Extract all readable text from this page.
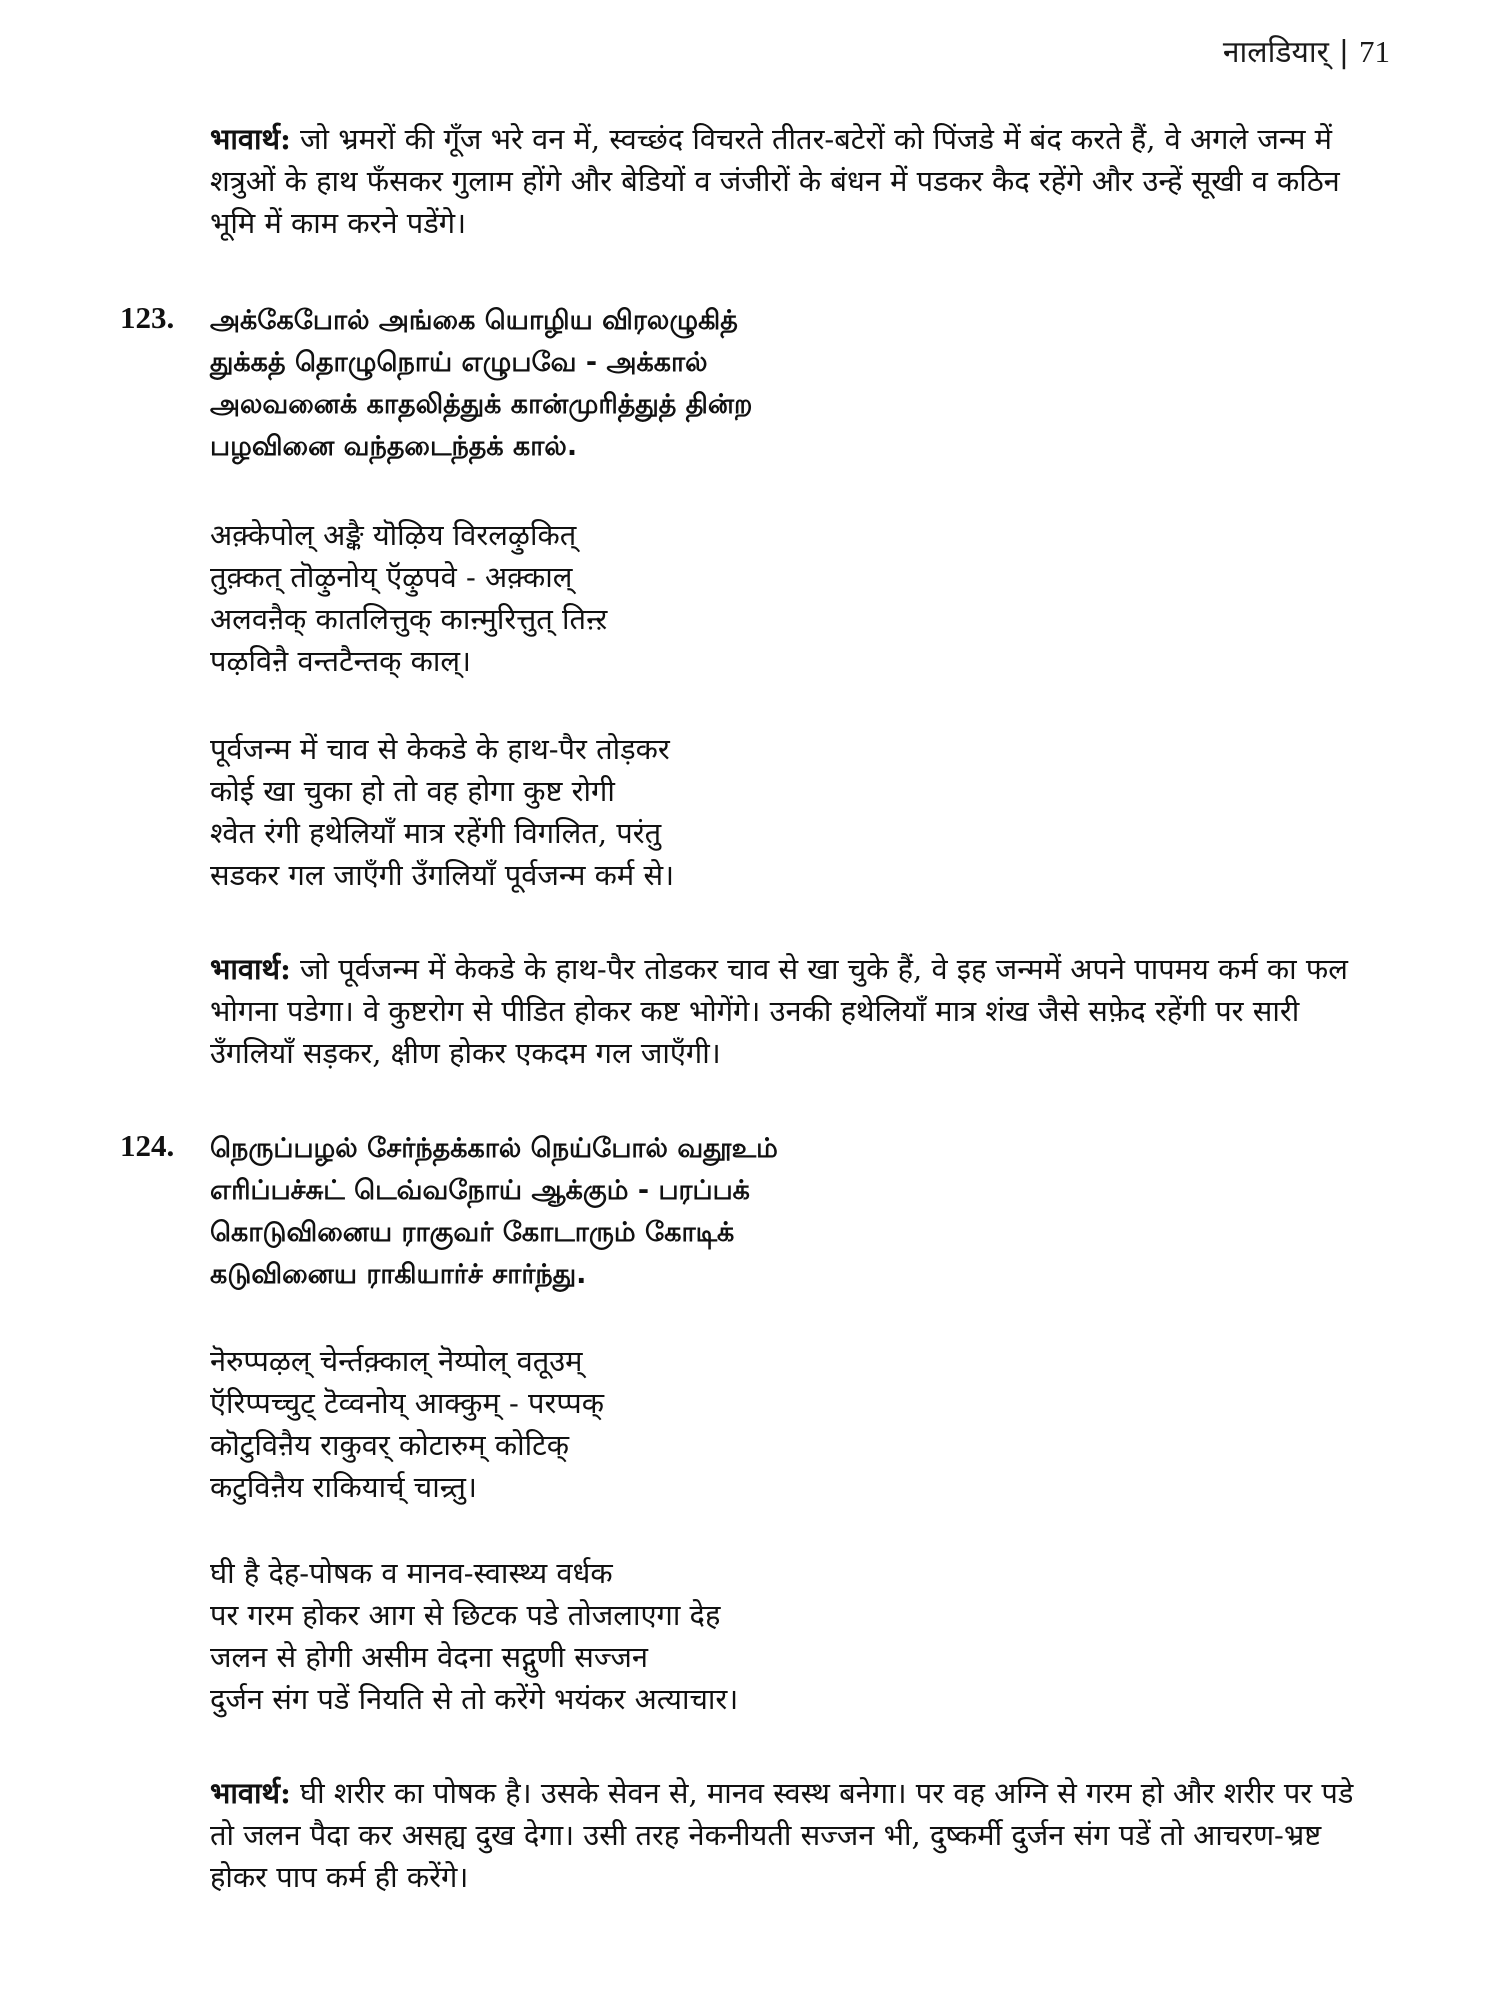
नालडियार् | 71

भावार्थ: जो भ्रमरों की गूँज भरे वन में, स्वच्छंद विचरते तीतर-बटेरों को पिंजडे में बंद करते हैं, वे अगले जन्म में शत्रुओं के हाथ फँसकर गुलाम होंगे और बेडियों व जंजीरों के बंधन में पडकर कैद रहेंगे और उन्हें सूखी व कठिन भूमि में काम करने पडेंगे।

123. அக்கேபோல் அங்கை யொழிய விரலழுகித்
துக்கத் தொழுநொய் எழுபவே - அக்கால்
அலவனைக் காதலித்துக் கான்முரித்துத் தின்ற
பழவினை வந்தடைந்தக் கால்.
अक़्केपोल् अङ्कै यॊऴिय विरलऴुकित्
तुक़्कत् तॊऴुनोय् ऍऴुपवे - अक़्काल्
अलवऩैक् कातलित्तुक् काऩ्मुरित्तुत् तिऩ्ऱ
पऴविऩै वन्तटैन्तक् काल्।
पूर्वजन्म में चाव से केकडे के हाथ-पैर तोड़कर
कोई खा चुका हो तो वह होगा कुष्ट रोगी
श्वेत रंगी हथेलियाँ मात्र रहेंगी विगलित, परंतु
सडकर गल जाएँगी उँगलियाँ पूर्वजन्म कर्म से।

भावार्थ: जो पूर्वजन्म में केकडे के हाथ-पैर तोडकर चाव से खा चुके हैं, वे इह जन्ममें अपने पापमय कर्म का फल भोगना पडेगा। वे कुष्टरोग से पीडित होकर कष्ट भोगेंगे। उनकी हथेलियाँ मात्र शंख जैसे सफ़ेद रहेंगी पर सारी उँगलियाँ सड़कर, क्षीण होकर एकदम गल जाएँगी।

124. நெருப்பழல் சேர்ந்தக்கால் நெய்போல் வதூஉம்
எரிப்பச்சுட் டெவ்வநோய் ஆக்கும் - பரப்பக்
கொடுவினைய ராகுவர் கோடாரும் கோடிக்
கடுவினைய ராகியார்ச் சார்ந்து.
नॆरुप्पऴल् चेर्न्तक़्काल् नॆय्पोल् वतूउम्
ऍरिप्पच्चुट् टॆव्वनोय् आक्कुम् - परप्पक्
कॊटुविऩैय राकुवर् कोटारुम् कोटिक्
कटुविऩैय राकियार्च् चान्र्तु।
घी है देह-पोषक व मानव-स्वास्थ्य वर्धक
पर गरम होकर आग से छिटक पडे तोजलाएगा देह
जलन से होगी असीम वेदना सद्गुणी सज्जन
दुर्जन संग पडें नियति से तो करेंगे भयंकर अत्याचार।

भावार्थ: घी शरीर का पोषक है। उसके सेवन से, मानव स्वस्थ बनेगा। पर वह अग्नि से गरम हो और शरीर पर पडे तो जलन पैदा कर असह्य दुख देगा। उसी तरह नेकनीयती सज्जन भी, दुष्कर्मी दुर्जन संग पडें तो आचरण-भ्रष्ट होकर पाप कर्म ही करेंगे।
